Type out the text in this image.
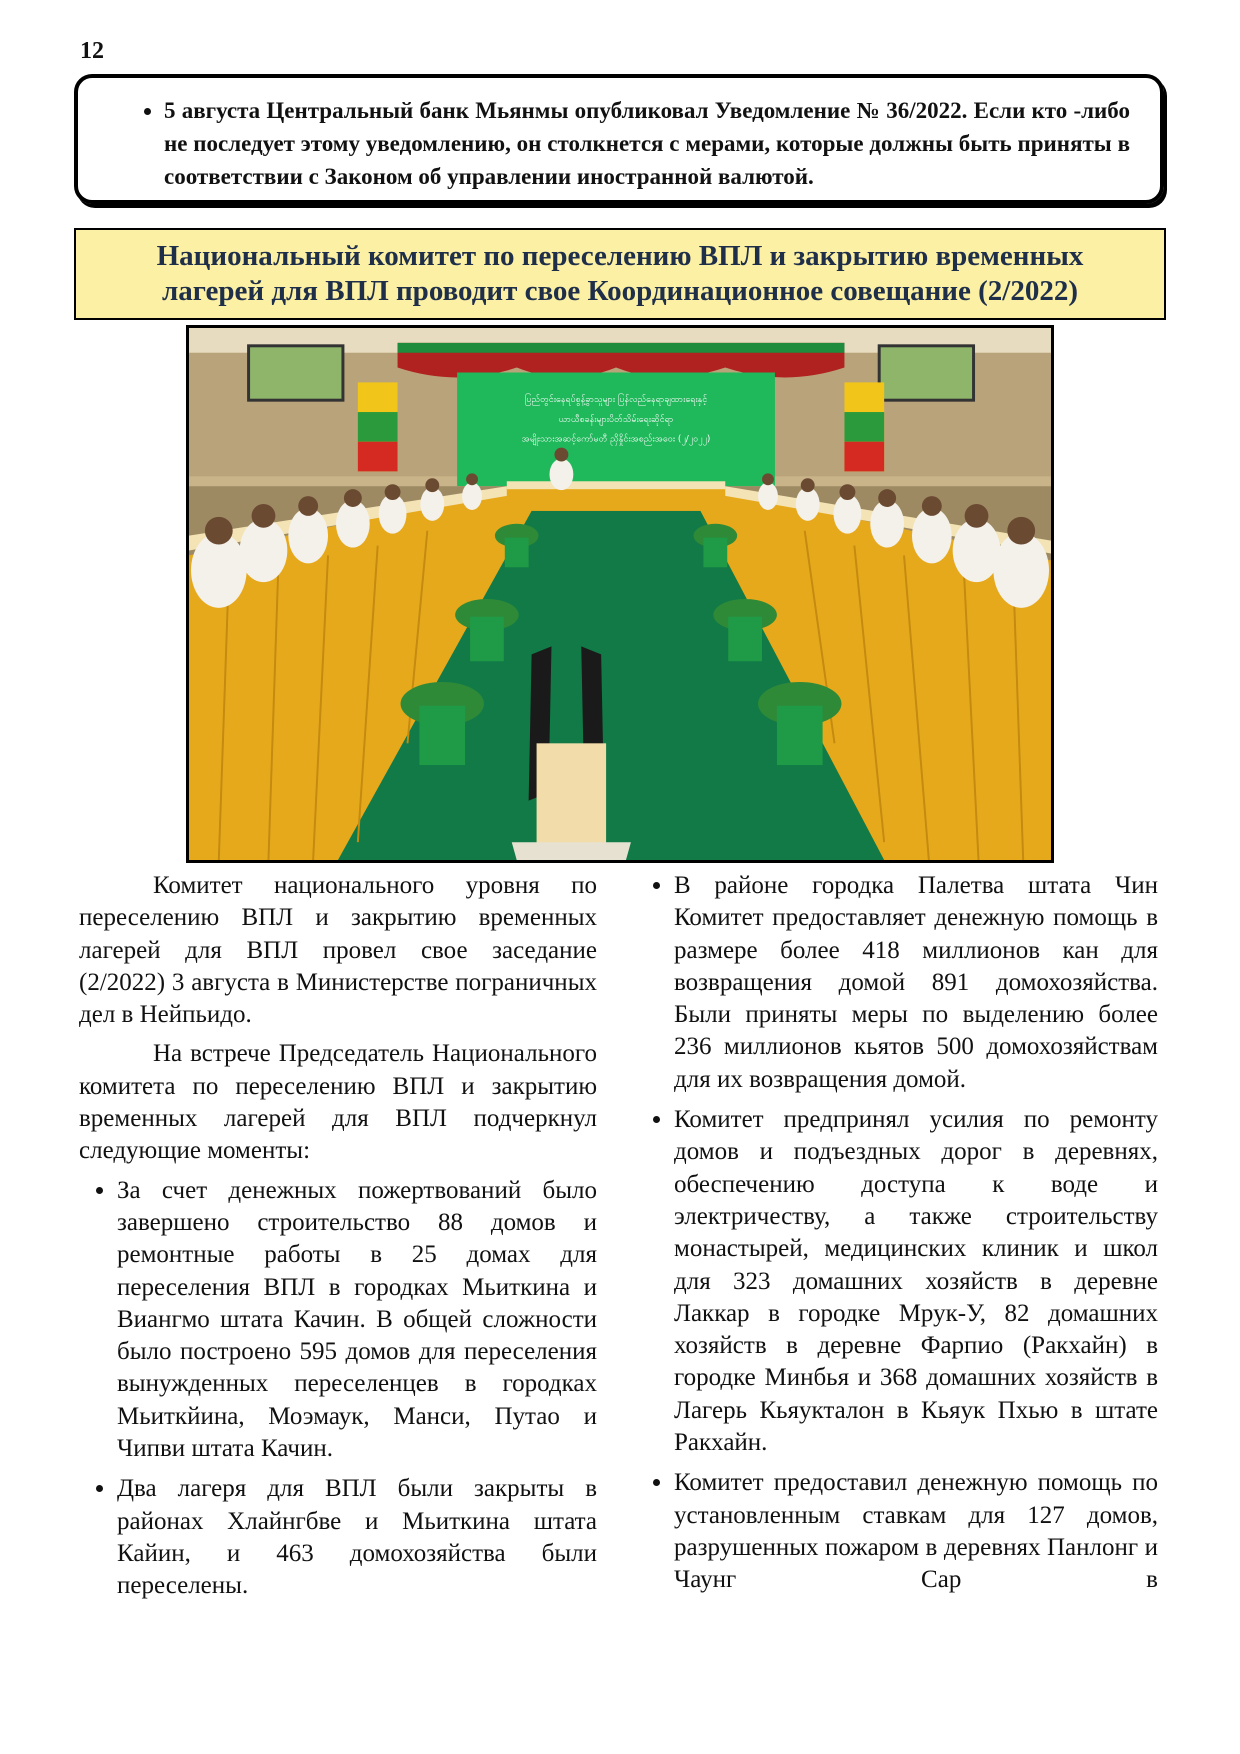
12
• 5 августа Центральный банк Мьянмы опубликовал Уведомление № 36/2022. Если кто -либо не последует этому уведомлению, он столкнется с мерами, которые должны быть приняты в соответствии с Законом об управлении иностранной валютой.
Национальный комитет по переселению ВПЛ и закрытию временных
лагерей для ВПЛ проводит свое Координационное совещание (2/2022)
ပြည်တွင်းနေရပ်စွန့်ခွာသူများ ပြန်လည်နေရာချထားရေးနှင့်
ယာယီစခန်းများပိတ်သိမ်းရေးဆိုင်ရာ
အမျိုးသားအဆင့်ကော်မတီ ညှိနှိုင်းအစည်းအဝေး (၂/၂၀၂၂)

Комитет национального уровня по переселению ВПЛ и закрытию временных лагерей для ВПЛ провел свое заседание (2/2022) 3 августа в Министерстве пограничных дел в Нейпьидо.

На встрече Председатель Национального комитета по переселению ВПЛ и закрытию временных лагерей для ВПЛ подчеркнул следующие моменты:

• За счет денежных пожертвований было завершено строительство 88 домов и ремонтные работы в 25 домах для переселения ВПЛ в городках Мьиткина и Виангмо штата Качин. В общей сложности было построено 595 домов для переселения вынужденных переселенцев в городках Мьиткйина, Моэмаук, Манси, Путао и Чипви штата Качин.
• Два лагеря для ВПЛ были закрыты в районах Хлайнгбве и Мьиткина штата Кайин, и 463 домохозяйства были переселены.
• В районе городка Палетва штата Чин Комитет предоставляет денежную помощь в размере более 418 миллионов кан для возвращения домой 891 домохозяйства. Были приняты меры по выделению более 236 миллионов кьятов 500 домохозяйствам для их возвращения домой.
• Комитет предпринял усилия по ремонту домов и подъездных дорог в деревнях, обеспечению доступа к воде и электричеству, а также строительству монастырей, медицинских клиник и школ для 323 домашних хозяйств в деревне Лаккар в городке Мрук-У, 82 домашних хозяйств в деревне Фарпио (Ракхайн) в городке Минбья и 368 домашних хозяйств в Лагерь Кьяукталон в Кьяук Пхью в штате Ракхайн.
• Комитет предоставил денежную помощь по установленным ставкам для 127 домов, разрушенных пожаром в деревнях Панлонг и Чаунг Сар в
